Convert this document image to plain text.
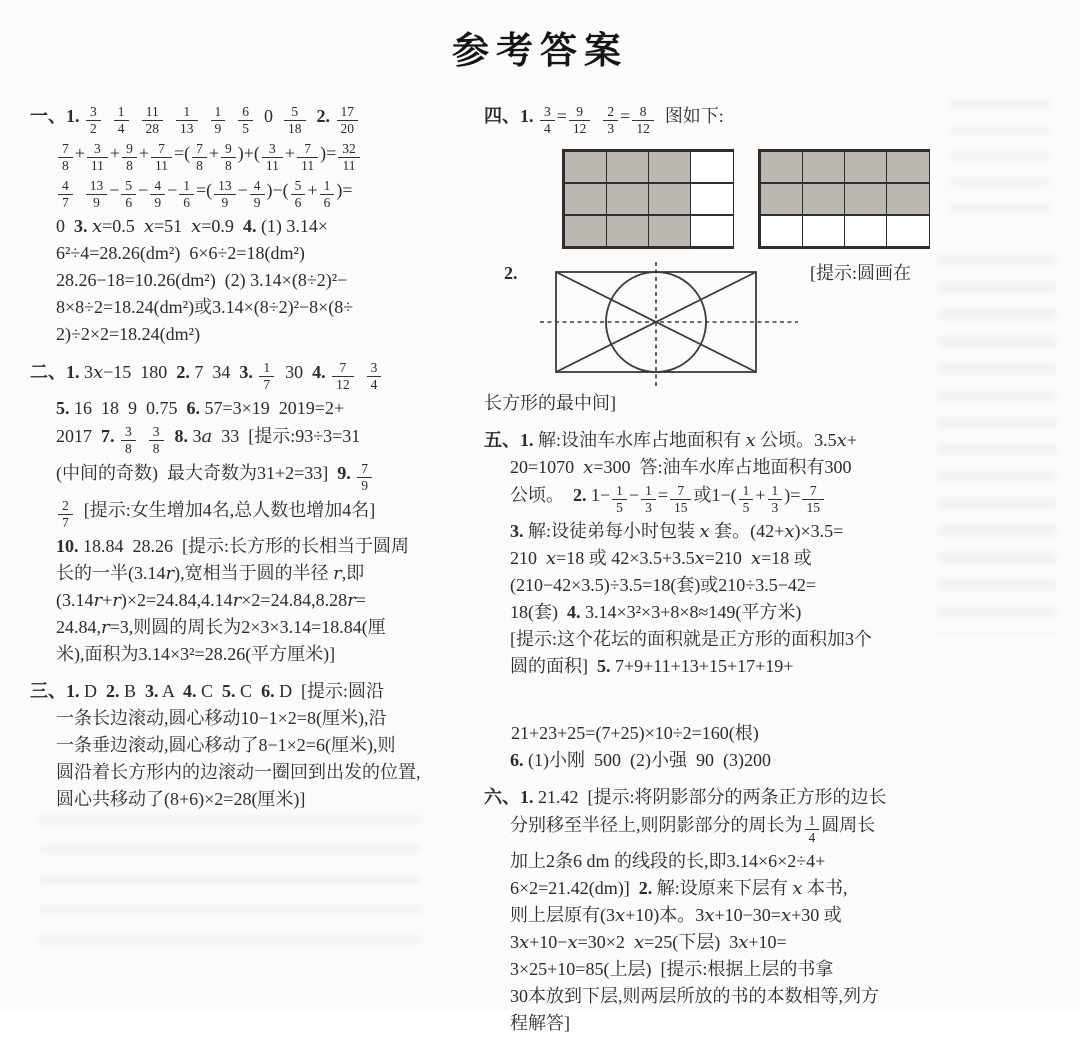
参考答案
一、1. $\frac{3}{2}$
$\frac{1}{4}$
$\frac{11}{28}$
$\frac{1}{13}$
$\frac{1}{9}$
$\frac{6}{5} 0 \frac{5}{18} 2$. $\frac{17}{20}$
$\frac{7}{8} + \frac{3}{11} + \frac{9}{8} + \frac{7}{11}$ =( $\frac{7}{8} + \frac{9}{8}$ )+( $\frac{3}{11} + \frac{7}{11}$ )= $\frac{32}{11}$
$\frac{4}{7}$
$\frac{13}{9} - \frac{5}{6} - \frac{4}{9} - \frac{1}{6}$ =( $\frac{13}{9} - \frac{4}{9}$ )−( $\frac{5}{6} + \frac{1}{6}$ )=
0  3. x=0.5  x=51  x=0.9  4. (1) 3.14×
6²÷4=28.26(dm²)  6×6÷2=18(dm²)
28.26−18=10.26(dm²)  (2) 3.14×(8÷2)²−
8×8÷2=18.24(dm²)或3.14×(8÷2)²−8×(8÷
2)÷2×2=18.24(dm²)
二、1. 3x−15  180  2. 7  34  3. $\frac{1}{7} 30$  4. $\frac{7}{12}$
$\frac{3}{4}$
5. 16  18  9  0.75  6. 57=3×19  2019=2+
2017  7. $\frac{3}{8}$
$\frac{3}{8} 8$. 3a  33  [提示:93÷3=31
(中间的奇数)  最大奇数为31+2=33]  9. $\frac{7}{9}$
$\frac{2}{7}$ [提示:女生增加4名,总人数也增加4名]
10. 18.84  28.26  [提示:长方形的长相当于圆周
长的一半(3.14r),宽相当于圆的半径 r,即
(3.14r+r)×2=24.84,4.14r×2=24.84,8.28r=
24.84,r=3,则圆的周长为2×3×3.14=18.84(厘
米),面积为3.14×3²=28.26(平方厘米)]
三、1. D  2. B  3. A  4. C  5. C  6. D  [提示:圆沿
一条长边滚动,圆心移动10−1×2=8(厘米),沿
一条垂边滚动,圆心移动了8−1×2=6(厘米),则
圆沿着长方形内的边滚动一圈回到出发的位置,
圆心共移动了(8+6)×2=28(厘米)]
四、1. $\frac{3}{4} = \frac{9}{12}$
$\frac{2}{3} = \frac{8}{12}$ 图如下:
2.	[提示:圆画在
长方形的最中间]
五、1. 解:设油车水库占地面积有 x 公顷。3.5x+
20=1070  x=300  答:油车水库占地面积有300
公顷。  2. $1- \frac{1}{5} - \frac{1}{3} = \frac{7}{15}$ 或$1-( \frac{1}{5} + \frac{1}{3}$ )= $\frac{7}{15}$
3. 解:设徒弟每小时包装 x 套。(42+x)×3.5=
210  x=18 或 42×3.5+3.5x=210  x=18 或
(210−42×3.5)÷3.5=18(套)或210÷3.5−42=
18(套)  4. 3.14×3²×3+8×8≈149(平方米)
[提示:这个花坛的面积就是正方形的面积加3个
圆的面积]  5. 7+9+11+13+15+17+19+
21+23+25=(7+25)×10÷2=160(根)
6. (1)小刚  500  (2)小强  90  (3)200
六、1. 21.42  [提示:将阴影部分的两条正方形的边长
分别移至半径上,则阴影部分的周长为 $\frac{1}{4}$ 圆周长
加上2条6 dm 的线段的长,即3.14×6×2÷4+
6×2=21.42(dm)]  2. 解:设原来下层有 x 本书,
则上层原有(3x+10)本。3x+10−30=x+30 或
3x+10−x=30×2  x=25(下层)  3x+10=
3×25+10=85(上层)  [提示:根据上层的书拿
30本放到下层,则两层所放的书的本数相等,列方
程解答]
